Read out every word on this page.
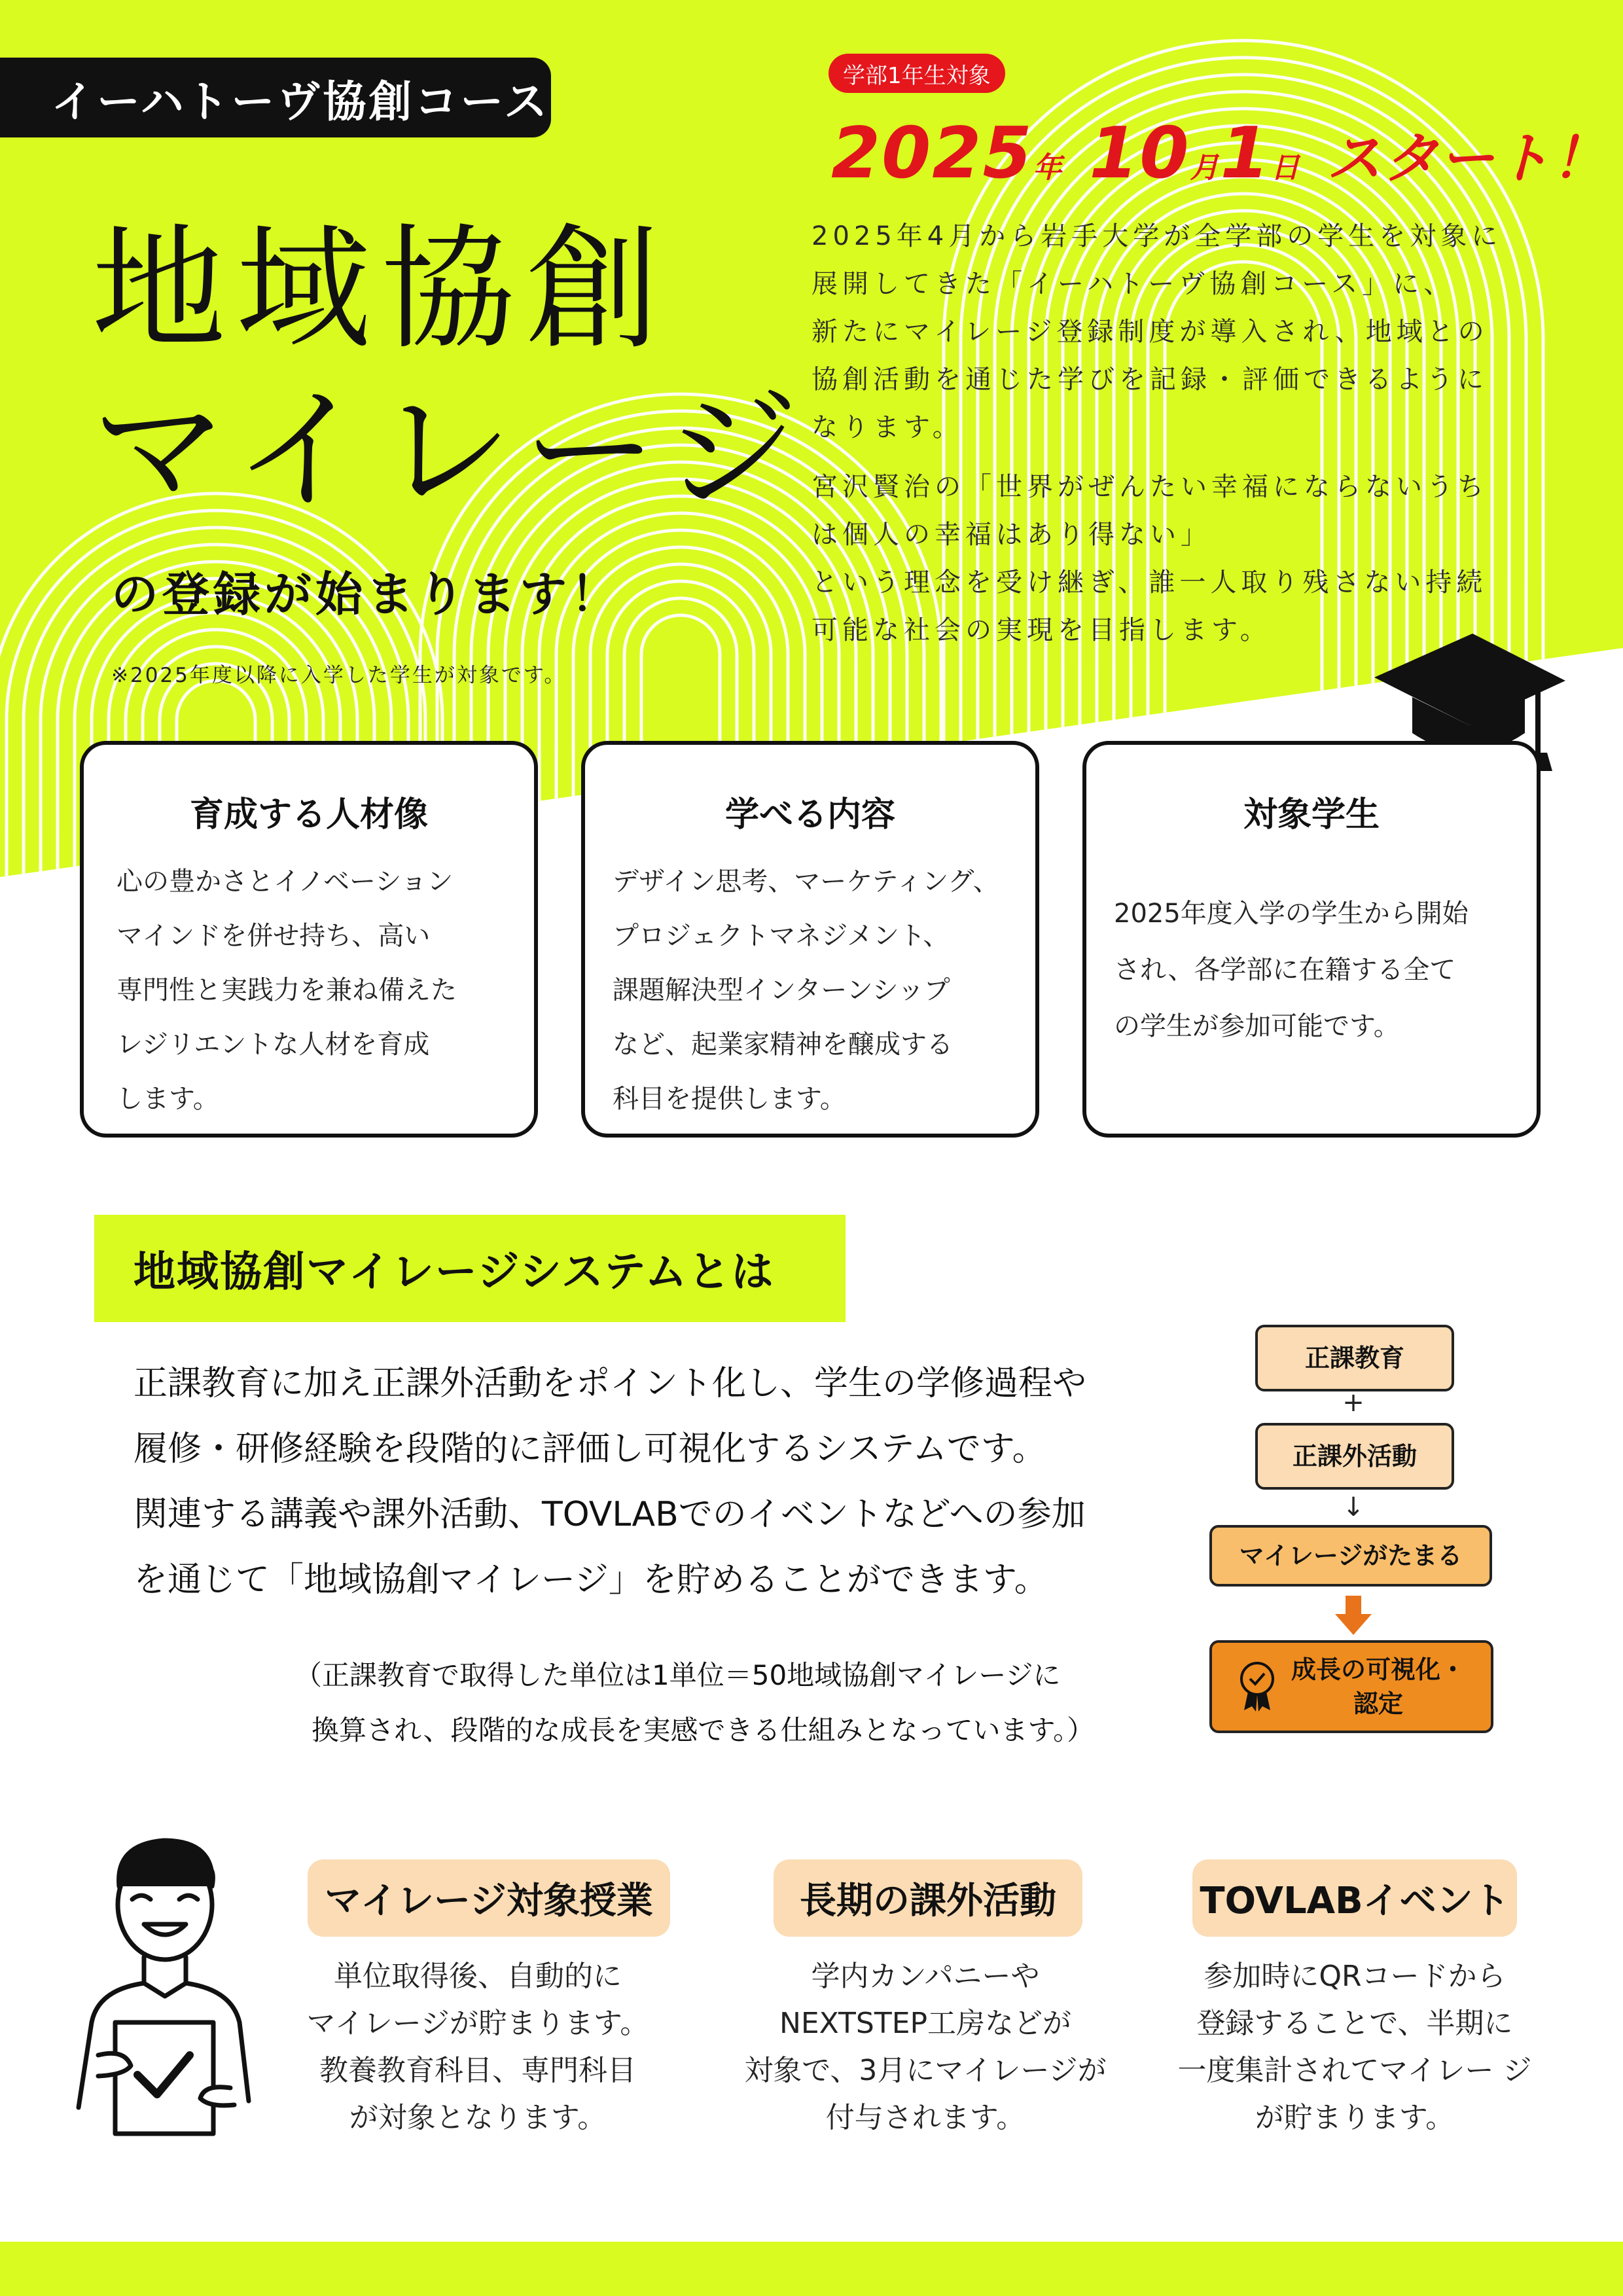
イーハトーヴ協創コース
学部1年生対象
2025年 10月1日 スタート！
地域協創
マイレージ
の登録が始まります！
※2025年度以降に入学した学生が対象です。

2025年4月から岩手大学が全学部の学生を対象に
展開してきた「イーハトーヴ協創コース」に、
新たにマイレージ登録制度が導入され、地域との
協創活動を通じた学びを記録・評価できるように
なります。

宮沢賢治の「世界がぜんたい幸福にならないうち
は個人の幸福はあり得ない」
という理念を受け継ぎ、誰一人取り残さない持続
可能な社会の実現を目指します。

育成する人材像
心の豊かさとイノベーション
マインドを併せ持ち、高い
専門性と実践力を兼ね備えた
レジリエントな人材を育成
します。
学べる内容
デザイン思考、マーケティング、
プロジェクトマネジメント、
課題解決型インターンシップ
など、起業家精神を醸成する
科目を提供します。
対象学生
2025年度入学の学生から開始
され、各学部に在籍する全て
の学生が参加可能です。
地域協創マイレージシステムとは
正課教育に加え正課外活動をポイント化し、学生の学修過程や
履修・研修経験を段階的に評価し可視化するシステムです。
関連する講義や課外活動、TOVLABでのイベントなどへの参加
を通じて「地域協創マイレージ」を貯めることができます。
（正課教育で取得した単位は1単位＝50地域協創マイレージに
換算され、段階的な成長を実感できる仕組みとなっています。）
正課教育
+
正課外活動
↓
マイレージがたまる
成長の可視化・
認定
マイレージ対象授業
単位取得後、自動的に
マイレージが貯まります。
教養教育科目、専門科目
が対象となります。
長期の課外活動
学内カンパニーや
NEXTSTEP工房などが
対象で、3月にマイレージが
付与されます。
TOVLABイベント
参加時にQRコードから
登録することで、半期に
一度集計されてマイレー ジ
が貯まります。
